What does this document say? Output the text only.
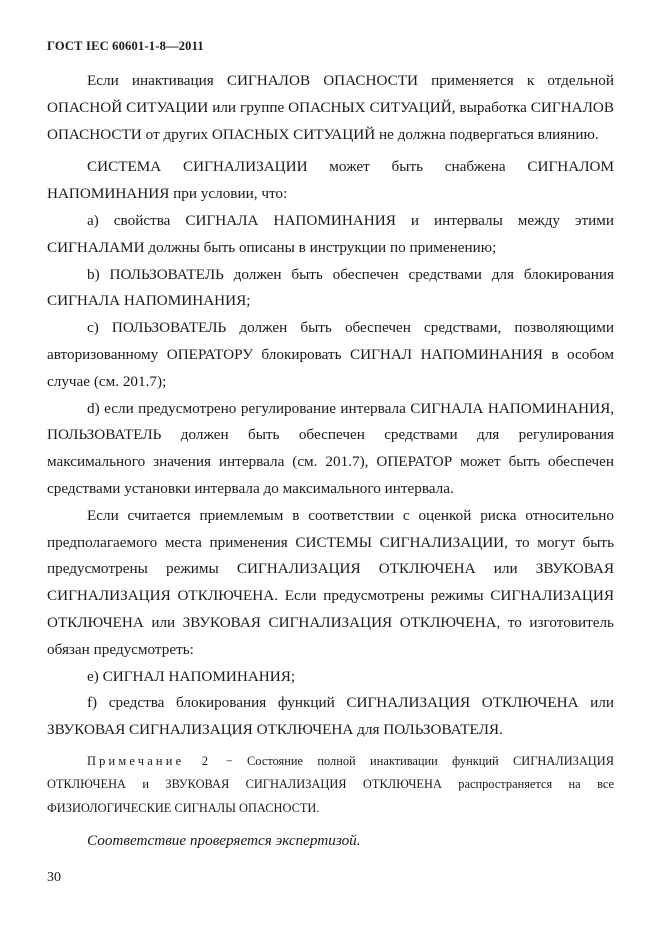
ГОСТ IEC 60601-1-8—2011

Если инактивация СИГНАЛОВ ОПАСНОСТИ применяется к отдельной ОПАСНОЙ СИТУАЦИИ или группе ОПАСНЫХ СИТУАЦИЙ, выработка СИГНАЛОВ ОПАСНОСТИ от других ОПАСНЫХ СИТУАЦИЙ не должна подвергаться влиянию.

СИСТЕМА СИГНАЛИЗАЦИИ может быть снабжена СИГНАЛОМ НАПОМИНАНИЯ при условии, что:

a) свойства СИГНАЛА НАПОМИНАНИЯ и интервалы между этими СИГНАЛАМИ должны быть описаны в инструкции по применению;

b) ПОЛЬЗОВАТЕЛЬ должен быть обеспечен средствами для блокирования СИГНАЛА НАПОМИНАНИЯ;

c) ПОЛЬЗОВАТЕЛЬ должен быть обеспечен средствами, позволяющими авторизованному ОПЕРАТОРУ блокировать СИГНАЛ НАПОМИНАНИЯ в особом случае (см. 201.7);

d) если предусмотрено регулирование интервала СИГНАЛА НАПОМИНАНИЯ, ПОЛЬЗОВАТЕЛЬ должен быть обеспечен средствами для регулирования максимального значения интервала (см. 201.7), ОПЕРАТОР может быть обеспечен средствами установки интервала до максимального интервала.

Если считается приемлемым в соответствии с оценкой риска относительно предполагаемого места применения СИСТЕМЫ СИГНАЛИЗАЦИИ, то могут быть предусмотрены режимы СИГНАЛИЗАЦИЯ ОТКЛЮЧЕНА или ЗВУКОВАЯ СИГНАЛИЗАЦИЯ ОТКЛЮЧЕНА. Если предусмотрены режимы СИГНАЛИЗАЦИЯ ОТКЛЮЧЕНА или ЗВУКОВАЯ СИГНАЛИЗАЦИЯ ОТКЛЮЧЕНА, то изготовитель обязан предусмотреть:

e) СИГНАЛ НАПОМИНАНИЯ;

f) средства блокирования функций СИГНАЛИЗАЦИЯ ОТКЛЮЧЕНА или ЗВУКОВАЯ СИГНАЛИЗАЦИЯ ОТКЛЮЧЕНА для ПОЛЬЗОВАТЕЛЯ.

Примечание 2 − Состояние полной инактивации функций СИГНАЛИЗАЦИЯ ОТКЛЮЧЕНА и ЗВУКОВАЯ СИГНАЛИЗАЦИЯ ОТКЛЮЧЕНА распространяется на все ФИЗИОЛОГИЧЕСКИЕ СИГНАЛЫ ОПАСНОСТИ.

Соответствие проверяется экспертизой.

30
